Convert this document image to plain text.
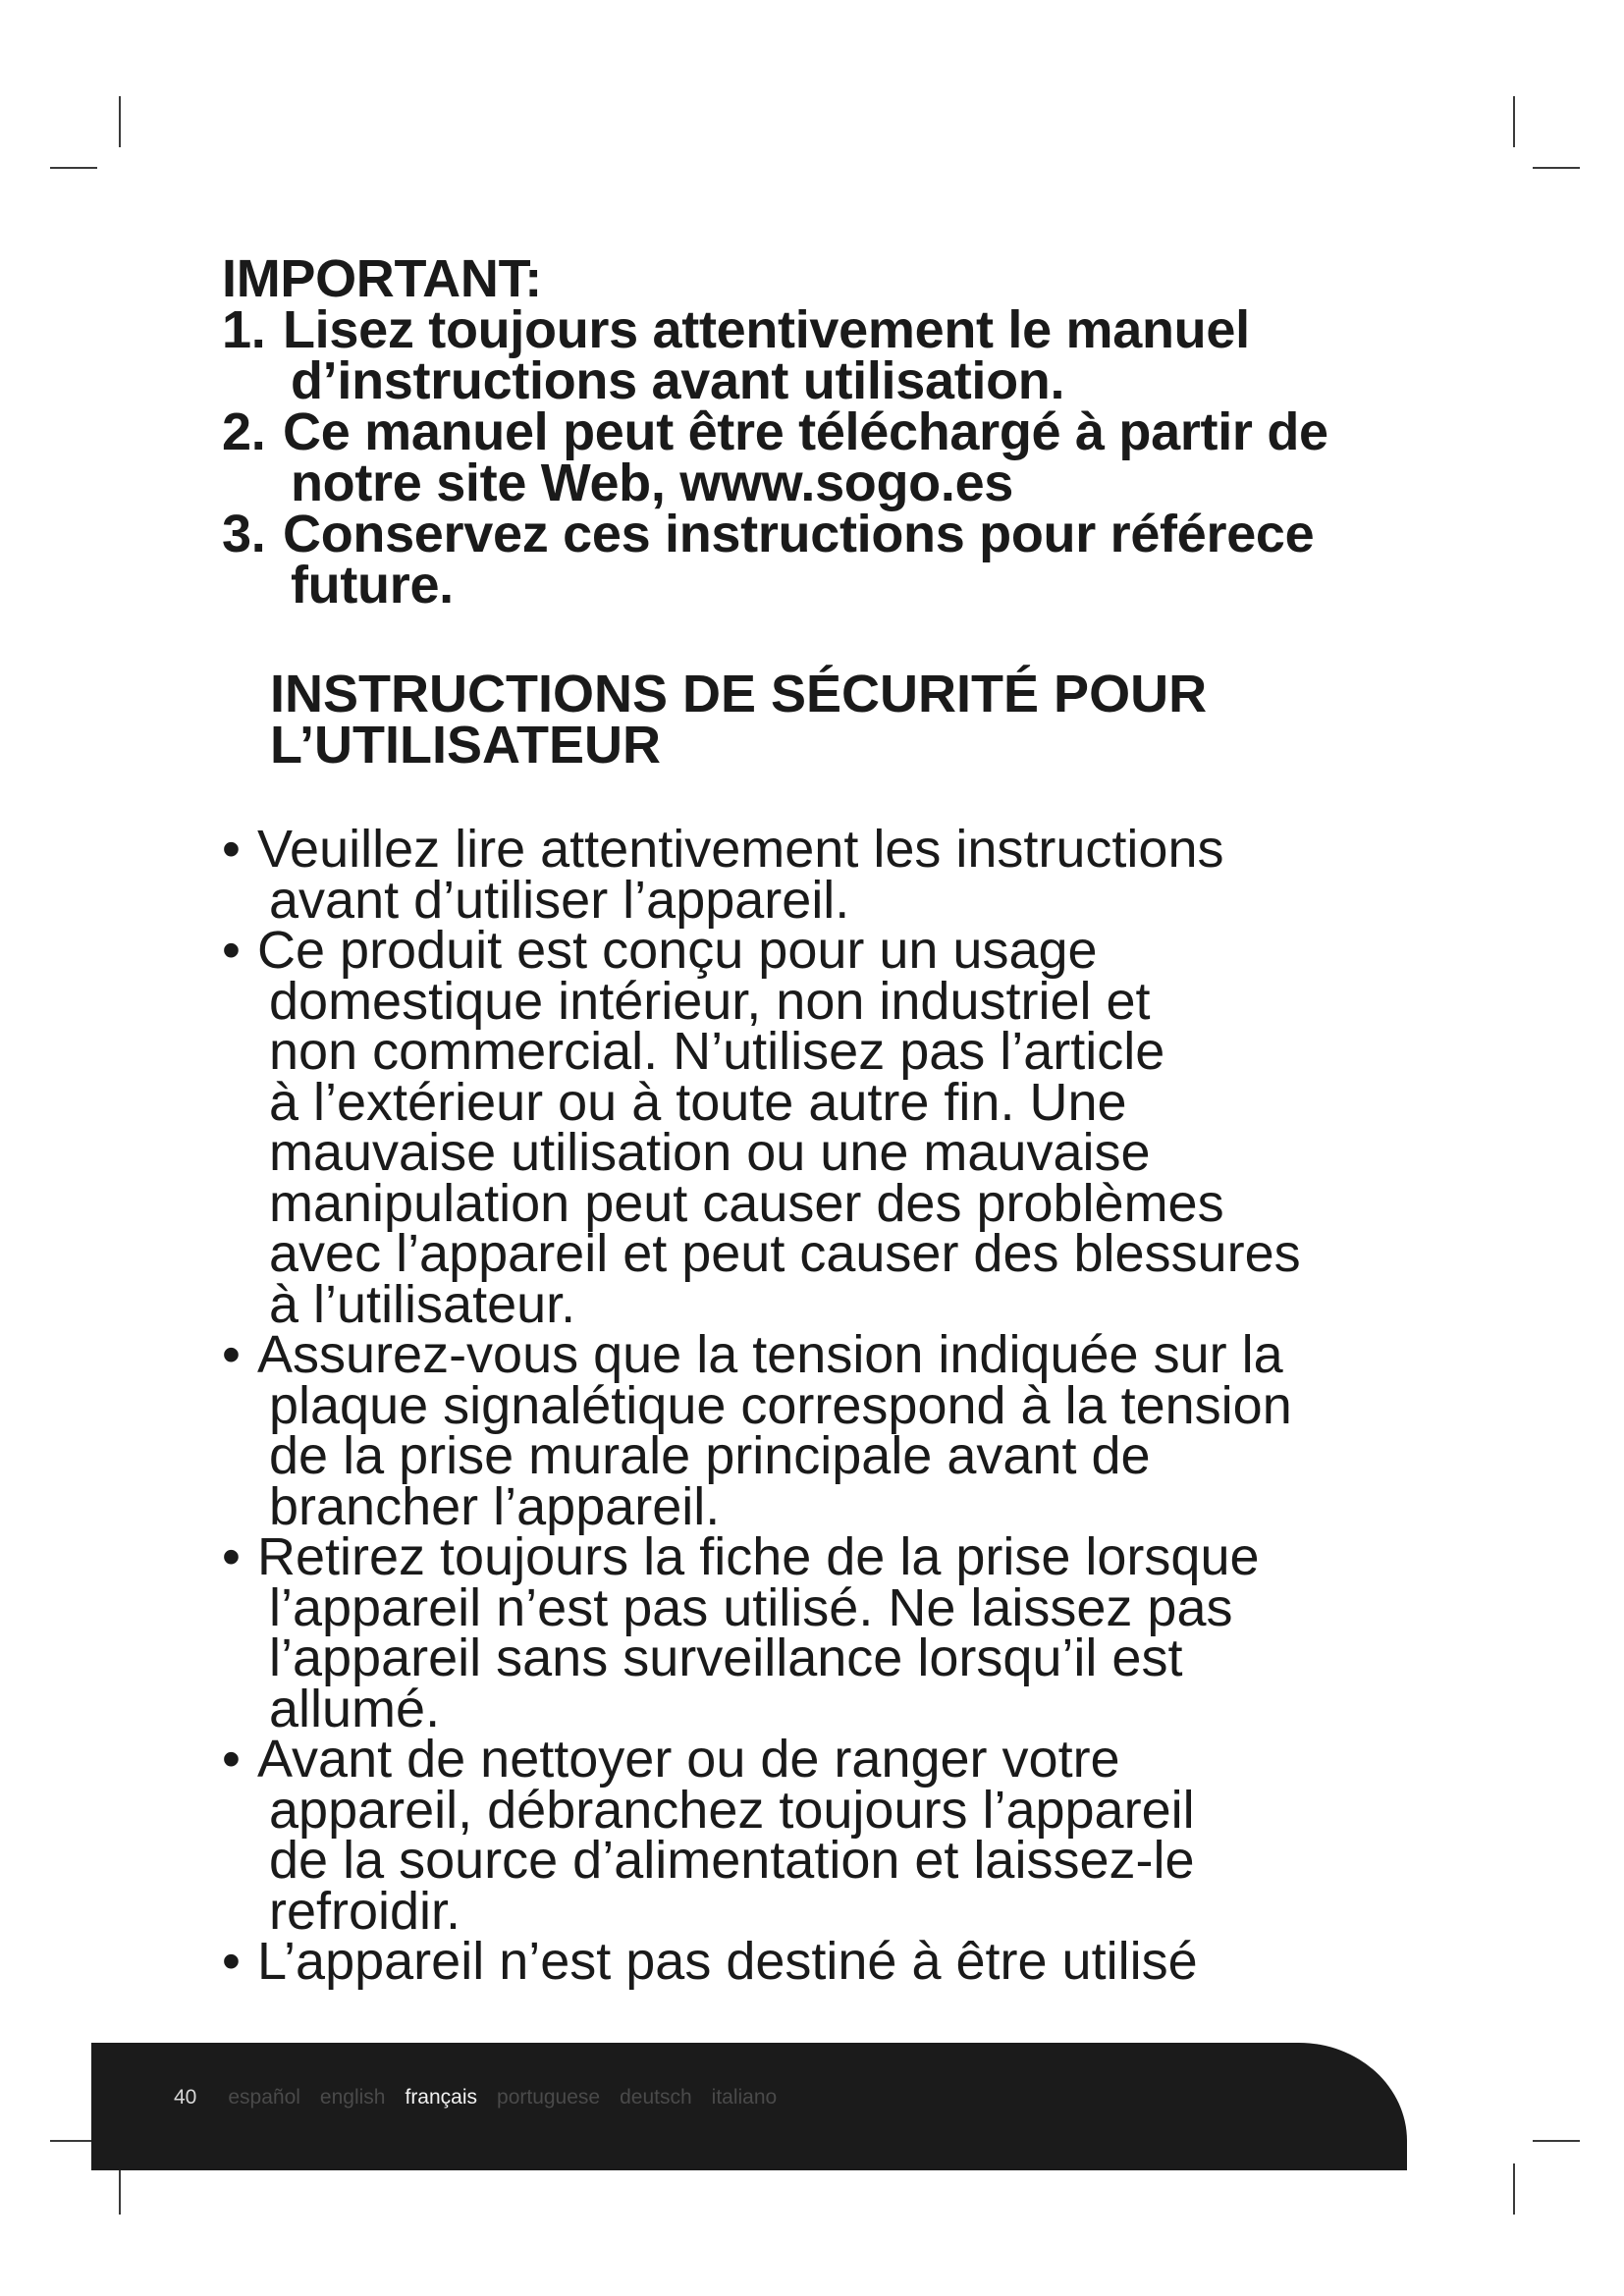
IMPORTANT:
1. Lisez toujours attentivement le manuel
d’instructions avant utilisation.
2. Ce manuel peut être téléchargé à partir de
notre site Web, www.sogo.es
3. Conservez ces instructions pour référece
future.
INSTRUCTIONS DE SÉCURITÉ POUR
L’UTILISATEUR
• Veuillez lire attentivement les instructions
avant d’utiliser l’appareil.
• Ce produit est conçu pour un usage
domestique intérieur, non industriel et
non commercial. N’utilisez pas l’article
à l’extérieur ou à toute autre fin. Une
mauvaise utilisation ou une mauvaise
manipulation peut causer des problèmes
avec l’appareil et peut causer des blessures
à l’utilisateur.
• Assurez-vous que la tension indiquée sur la
plaque signalétique correspond à la tension
de la prise murale principale avant de
brancher l’appareil.
• Retirez toujours la fiche de la prise lorsque
l’appareil n’est pas utilisé. Ne laissez pas
l’appareil sans surveillance lorsqu’il est
allumé.
• Avant de nettoyer ou de ranger votre
appareil, débranchez toujours l’appareil
de la source d’alimentation et laissez-le
refroidir.
• L’appareil n’est pas destiné à être utilisé
40 español english français portuguese deutsch italiano
